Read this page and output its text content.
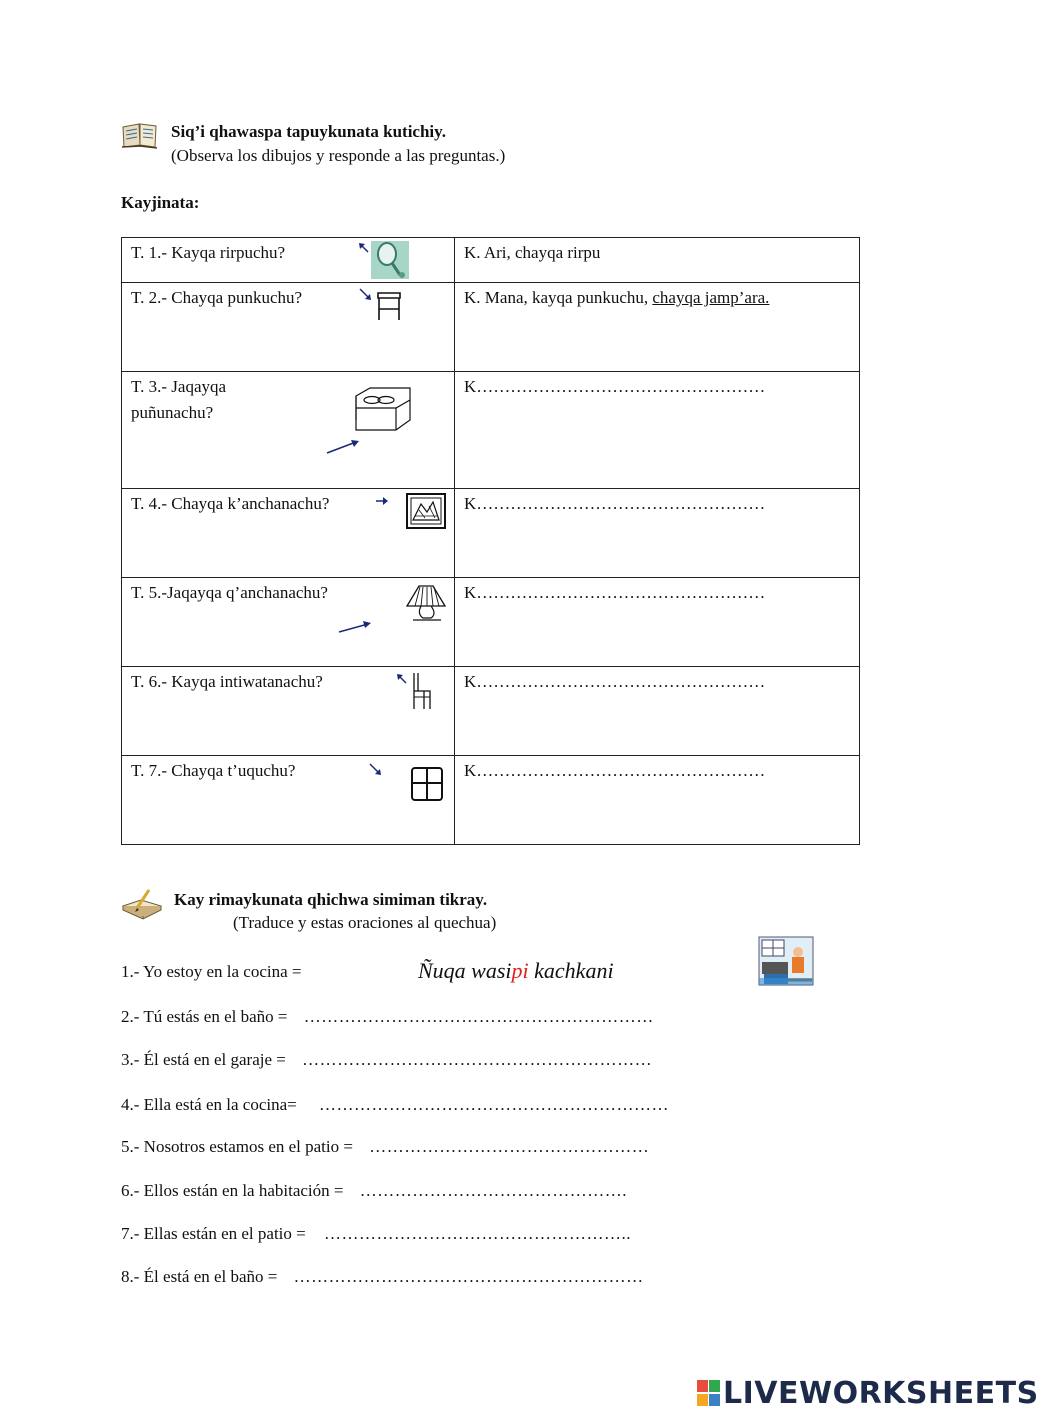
Siq’i qhawaspa tapuykunata kutichiy.
(Observa los dibujos y responde a las preguntas.)
Kayjinata:
T. 1.- Kayqa rirpuchu?	K. Ari, chayqa rirpu

T. 2.- Chayqa punkuchu?	K. Mana, kayqa punkuchu, chayqa jamp’ara.

T. 3.- Jaqayqa
puñunachu?	K……………………………………………

T. 4.- Chayqa k’anchanachu?	K……………………………………………

T. 5.-Jaqayqa q’anchanachu?	K……………………………………………

T. 6.- Kayqa intiwatanachu?	K……………………………………………

T. 7.- Chayqa t’uquchu?	K……………………………………………
Kay rimaykunata qhichwa simiman tikray.
(Traduce y estas oraciones al quechua)
1.- Yo estoy en la cocina =	Ñuqa wasipi kachkani
2.- Tú estás en el baño = ……………………………………………………
3.- Él está en el garaje = ……………………………………………………
4.- Ella está en la cocina= ……………………………………………………
5.- Nosotros estamos en el patio = …………………………………………
6.- Ellos están en la habitación = ……………………………………….
7.- Ellas están en el patio = ……………………………………………..
8.- Él está en el baño = ……………………………………………………
LIVEWORKSHEETS
